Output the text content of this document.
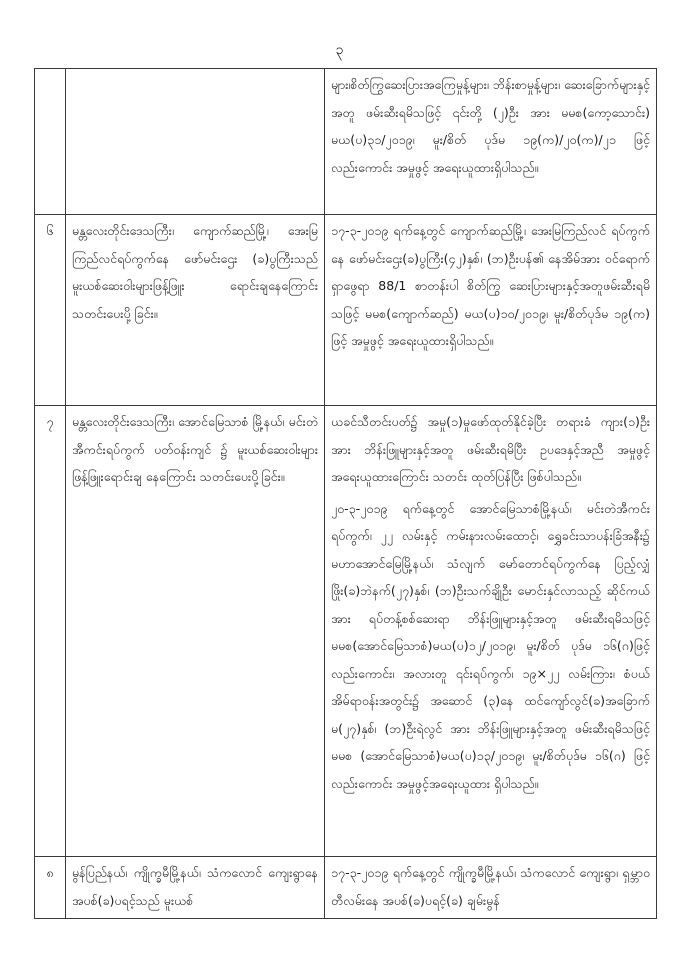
၃

		များ၊စိတ်ကြွဆေးပြားအကြေမှုန့်များ၊ ဘိန်းစာမှုန့်များ၊ ဆေးခြောက်များနှင့်အတူ ဖမ်းဆီးရမိသဖြင့် ၎င်းတို့ (၂)ဦး အား မမစ(ကော့သောင်း) မယ(ပ)၃၁/၂၀၁၉၊ မူး/စိတ် ပုဒ်မ ၁၉(က)/၂၀(က)/၂၁ ဖြင့် လည်းကောင်း အမှုဖွင့် အရေးယူထားရှိပါသည်။

၆	မန္တလေးတိုင်းဒေသကြီး၊ ကျောက်ဆည်မြို့၊ အေးမြကြည်လင်ရပ်ကွက်နေ ဖော်မင်းဌေး (ခ)ပွကြီးသည် မူးယစ်ဆေးဝါးများဖြန့်ဖြူး ရောင်းချနေကြောင်း သတင်းပေးပို့ ခြင်း။	၁၇-၃-၂၀၁၉ ရက်နေ့တွင် ကျောက်ဆည်မြို့၊ အေးမြကြည်လင် ရပ်ကွက်နေ ဖော်မင်းဌေး(ခ)ပွကြီး(၄၂)နှစ်၊ (ဘ)ဦးပန်၏ နေအိမ်အား ဝင်ရောက်ရှာဖွေရာ 88/1 စာတန်းပါ စိတ်ကြွ ဆေးပြားများနှင့်အတူဖမ်းဆီးရမိသဖြင့် မမစ(ကျောက်ဆည်) မယ(ပ)၁၀/၂၀၁၉၊ မူး/စိတ်ပုဒ်မ ၁၉(က) ဖြင့် အမှုဖွင့် အရေးယူထားရှိပါသည်။

၇	မန္တလေးတိုင်းဒေသကြီး၊ အောင်မြေသာစံ မြို့နယ်၊ မင်းတဲအီကင်းရပ်ကွက် ပတ်ဝန်းကျင် ၌ မူးယစ်ဆေးဝါးများ ဖြန့်ဖြူးရောင်းချ နေကြောင်း သတင်းပေးပို့ခြင်း။	ယခင်သီတင်းပတ်၌ အမှု(၁)မှုဖော်ထုတ်နိုင်ခဲ့ပြီး တရားခံ ကျား(၁)ဦးအား ဘိန်းဖြူများနှင့်အတူ ဖမ်းဆီးရမိပြီး ဥပဒေနှင့်အညီ အမှုဖွင့် အရေးယူထားကြောင်း သတင်း ထုတ်ပြန်ပြီး ဖြစ်ပါသည်။

၂၀-၃-၂၀၁၉ ရက်နေ့တွင် အောင်မြေသာစံမြို့နယ်၊ မင်းတဲအီကင်းရပ်ကွက်၊ ၂၂ လမ်းနှင့် ကမ်းနားလမ်းထောင့်၊ ရွှေခင်းသာပန်းခြံအနီး၌ မဟာအောင်မြေမြို့နယ်၊ သံလျက် မော်တောင်ရပ်ကွက်နေ ပြည့်လျှံဖြိုး(ခ)ဘဲနက်(၂၇)နှစ်၊ (ဘ)ဦးသက်ချိုဦး မောင်းနှင်လာသည့် ဆိုင်ကယ်အား ရပ်တန့်စစ်ဆေးရာ ဘိန်းဖြူများနှင့်အတူ ဖမ်းဆီးရမိသဖြင့် မမစ(အောင်မြေသာစံ)မယ(ပ)၁၂/၂၀၁၉၊ မူး/စိတ် ပုဒ်မ ၁၆(ဂ)ဖြင့်လည်းကောင်း၊ အလားတူ ၎င်းရပ်ကွက်၊ ၁၉×၂၂ လမ်းကြား၊ စံပယ်အိမ်ရာဝန်းအတွင်း၌ အဆောင် (၃)နေ ထင်ကျော်လွင်(ခ)အခြောက်မ(၂၇)နှစ်၊ (ဘ)ဦးရဲလွင် အား ဘိန်းဖြူများနှင့်အတူ ဖမ်းဆီးရမိသဖြင့် မမစ (အောင်မြေသာစံ)မယ(ပ)၁၃/၂၀၁၉၊ မူး/စိတ်ပုဒ်မ ၁၆(ဂ) ဖြင့်လည်းကောင်း အမှုဖွင့်အရေးယူထား ရှိပါသည်။

၈	မွန်ပြည်နယ်၊ ကျိုက္ခမီမြို့နယ်၊ သံကလောင် ကျေးရွာနေ အပစ်(ခ)ပရင့်သည် မူးယစ်	၁၇-၃-၂၀၁၉ ရက်နေ့တွင် ကျိုက္ခမီမြို့နယ်၊ သံကလောင် ကျေးရွာ၊ ရှမ္ဘာဝတီလမ်းနေ အပစ်(ခ)ပရင့်(ခ) ချမ်းမွန်
